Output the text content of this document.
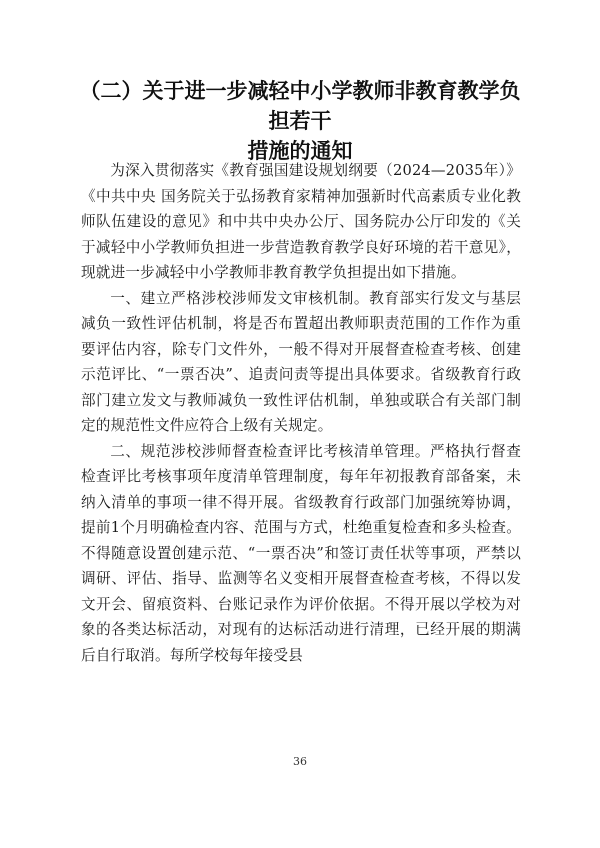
（二）关于进一步减轻中小学教师非教育教学负担若干
措施的通知

为深入贯彻落实《教育强国建设规划纲要（2024—2035年）》《中共中央 国务院关于弘扬教育家精神加强新时代高素质专业化教师队伍建设的意见》和中共中央办公厅、国务院办公厅印发的《关于减轻中小学教师负担进一步营造教育教学良好环境的若干意见》，现就进一步减轻中小学教师非教育教学负担提出如下措施。

一、建立严格涉校涉师发文审核机制。教育部实行发文与基层减负一致性评估机制，将是否布置超出教师职责范围的工作作为重要评估内容，除专门文件外，一般不得对开展督查检查考核、创建示范评比、“一票否决”、追责问责等提出具体要求。省级教育行政部门建立发文与教师减负一致性评估机制，单独或联合有关部门制定的规范性文件应符合上级有关规定。

二、规范涉校涉师督查检查评比考核清单管理。严格执行督查检查评比考核事项年度清单管理制度，每年年初报教育部备案，未纳入清单的事项一律不得开展。省级教育行政部门加强统筹协调，提前1个月明确检查内容、范围与方式，杜绝重复检查和多头检查。不得随意设置创建示范、“一票否决”和签订责任状等事项，严禁以调研、评估、指导、监测等名义变相开展督查检查考核，不得以发文开会、留痕资料、台账记录作为评价依据。不得开展以学校为对象的各类达标活动，对现有的达标活动进行清理，已经开展的期满后自行取消。每所学校每年接受县

36
